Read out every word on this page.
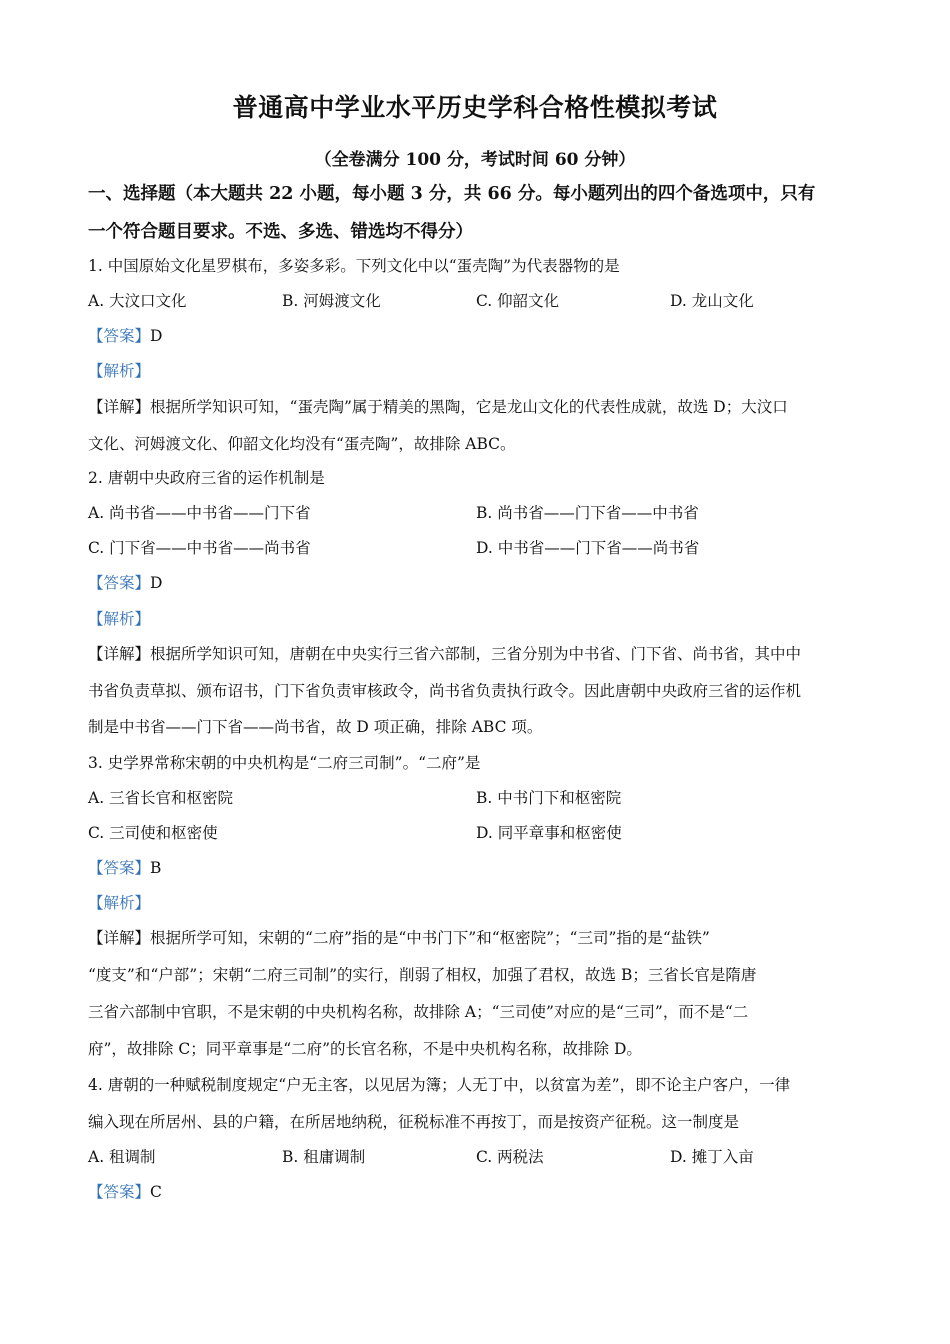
普通高中学业水平历史学科合格性模拟考试
（全卷满分 100 分，考试时间 60 分钟）
一、选择题（本大题共 22 小题，每小题 3 分，共 66 分。每小题列出的四个备选项中，只有
一个符合题目要求。不选、多选、错选均不得分）
1. 中国原始文化星罗棋布，多姿多彩。下列文化中以“蛋壳陶”为代表器物的是
A. 大汶口文化	B. 河姆渡文化	C. 仰韶文化	D. 龙山文化
【答案】D
【解析】
【详解】根据所学知识可知，“蛋壳陶”属于精美的黑陶，它是龙山文化的代表性成就，故选 D；大汶口
文化、河姆渡文化、仰韶文化均没有“蛋壳陶”，故排除 ABC。
2. 唐朝中央政府三省的运作机制是
A. 尚书省——中书省——门下省	B. 尚书省——门下省——中书省
C. 门下省——中书省——尚书省	D. 中书省——门下省——尚书省
【答案】D
【解析】
【详解】根据所学知识可知，唐朝在中央实行三省六部制，三省分别为中书省、门下省、尚书省，其中中
书省负责草拟、颁布诏书，门下省负责审核政令，尚书省负责执行政令。因此唐朝中央政府三省的运作机
制是中书省——门下省——尚书省，故 D 项正确，排除 ABC 项。
3. 史学界常称宋朝的中央机构是“二府三司制”。“二府”是
A. 三省长官和枢密院	B. 中书门下和枢密院
C. 三司使和枢密使	D. 同平章事和枢密使
【答案】B
【解析】
【详解】根据所学可知，宋朝的“二府”指的是“中书门下”和“枢密院”；“三司”指的是“盐铁”
“度支”和“户部”；宋朝“二府三司制”的实行，削弱了相权，加强了君权，故选 B；三省长官是隋唐
三省六部制中官职，不是宋朝的中央机构名称，故排除 A；“三司使”对应的是“三司”，而不是“二
府”，故排除 C；同平章事是“二府”的长官名称，不是中央机构名称，故排除 D。
4. 唐朝的一种赋税制度规定“户无主客，以见居为簿；人无丁中，以贫富为差”，即不论主户客户，一律
编入现在所居州、县的户籍，在所居地纳税，征税标准不再按丁，而是按资产征税。这一制度是
A. 租调制	B. 租庸调制	C. 两税法	D. 摊丁入亩
【答案】C
